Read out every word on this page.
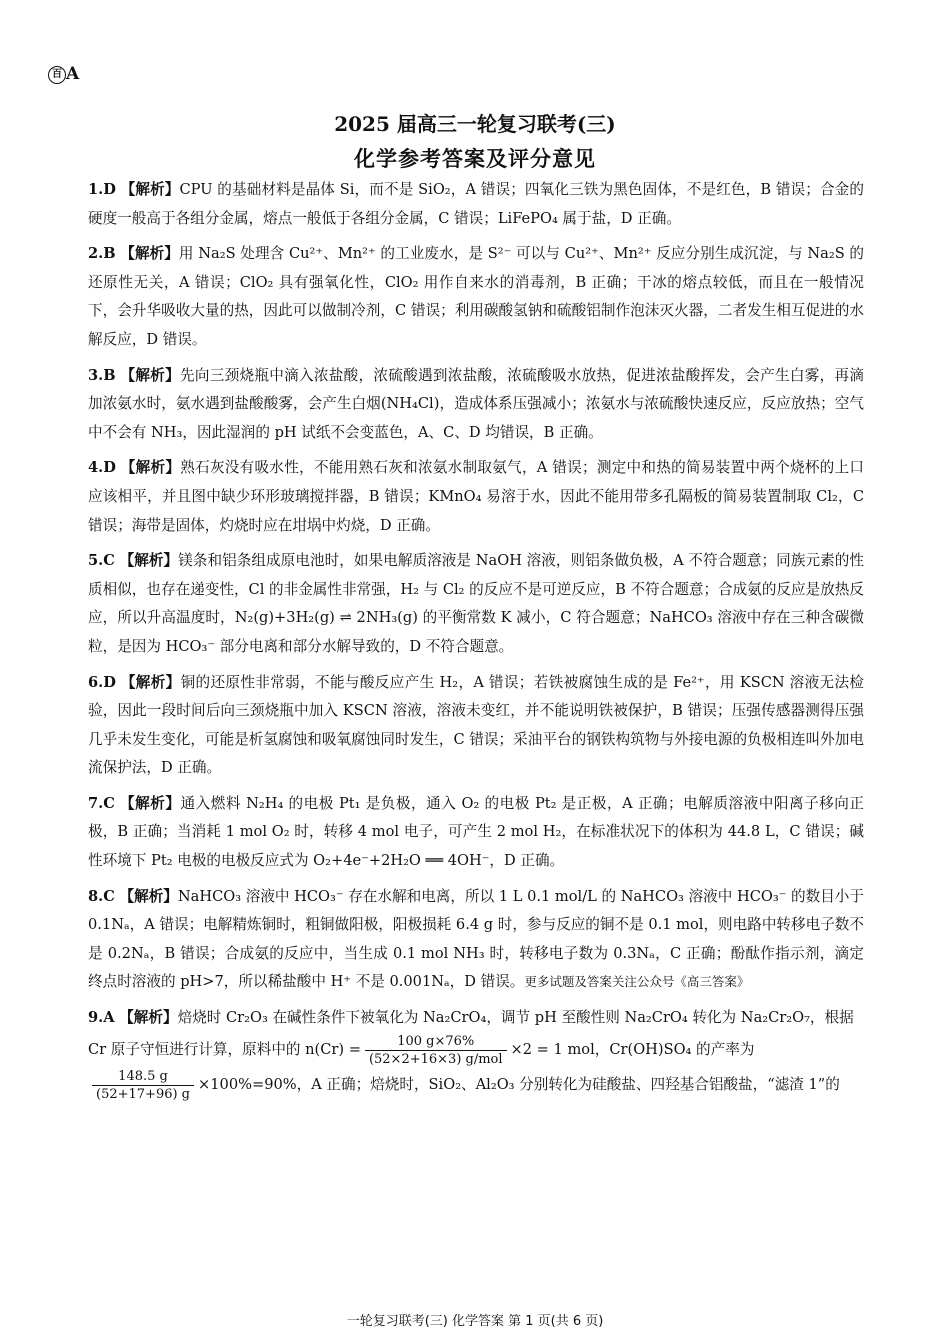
百 A
2025 届高三一轮复习联考(三)
化学参考答案及评分意见
1.D 【解析】CPU 的基础材料是晶体 Si，而不是 SiO₂，A 错误；四氧化三铁为黑色固体，不是红色，B 错误；合金的硬度一般高于各组分金属，熔点一般低于各组分金属，C 错误；LiFePO₄ 属于盐，D 正确。
2.B 【解析】用 Na₂S 处理含 Cu²⁺、Mn²⁺ 的工业废水，是 S²⁻ 可以与 Cu²⁺、Mn²⁺ 反应分别生成沉淀，与 Na₂S 的还原性无关，A 错误；ClO₂ 具有强氧化性，ClO₂ 用作自来水的消毒剂，B 正确；干冰的熔点较低，而且在一般情况下，会升华吸收大量的热，因此可以做制冷剂，C 错误；利用碳酸氢钠和硫酸铝制作泡沫灭火器，二者发生相互促进的水解反应，D 错误。
3.B 【解析】先向三颈烧瓶中滴入浓盐酸，浓硫酸遇到浓盐酸，浓硫酸吸水放热，促进浓盐酸挥发，会产生白雾，再滴加浓氨水时，氨水遇到盐酸酸雾，会产生白烟(NH₄Cl)，造成体系压强减小；浓氨水与浓硫酸快速反应，反应放热；空气中不会有 NH₃，因此湿润的 pH 试纸不会变蓝色，A、C、D 均错误，B 正确。
4.D 【解析】熟石灰没有吸水性，不能用熟石灰和浓氨水制取氨气，A 错误；测定中和热的简易装置中两个烧杯的上口应该相平，并且图中缺少环形玻璃搅拌器，B 错误；KMnO₄ 易溶于水，因此不能用带多孔隔板的简易装置制取 Cl₂，C 错误；海带是固体，灼烧时应在坩埚中灼烧，D 正确。
5.C 【解析】镁条和铝条组成原电池时，如果电解质溶液是 NaOH 溶液，则铝条做负极，A 不符合题意；同族元素的性质相似，也存在递变性，Cl 的非金属性非常强，H₂ 与 Cl₂ 的反应不是可逆反应，B 不符合题意；合成氨的反应是放热反应，所以升高温度时，N₂(g)+3H₂(g) ⇌ 2NH₃(g) 的平衡常数 K 减小，C 符合题意；NaHCO₃ 溶液中存在三种含碳微粒，是因为 HCO₃⁻ 部分电离和部分水解导致的，D 不符合题意。
6.D 【解析】铜的还原性非常弱，不能与酸反应产生 H₂，A 错误；若铁被腐蚀生成的是 Fe²⁺，用 KSCN 溶液无法检验，因此一段时间后向三颈烧瓶中加入 KSCN 溶液，溶液未变红，并不能说明铁被保护，B 错误；压强传感器测得压强几乎未发生变化，可能是析氢腐蚀和吸氧腐蚀同时发生，C 错误；采油平台的钢铁构筑物与外接电源的负极相连叫外加电流保护法，D 正确。
7.C 【解析】通入燃料 N₂H₄ 的电极 Pt₁ 是负极，通入 O₂ 的电极 Pt₂ 是正极，A 正确；电解质溶液中阳离子移向正极，B 正确；当消耗 1 mol O₂ 时，转移 4 mol 电子，可产生 2 mol H₂，在标准状况下的体积为 44.8 L，C 错误；碱性环境下 Pt₂ 电极的电极反应式为 O₂+4e⁻+2H₂O ══ 4OH⁻，D 正确。
8.C 【解析】NaHCO₃ 溶液中 HCO₃⁻ 存在水解和电离，所以 1 L 0.1 mol/L 的 NaHCO₃ 溶液中 HCO₃⁻ 的数目小于 0.1Nₐ，A 错误；电解精炼铜时，粗铜做阳极，阳极损耗 6.4 g 时，参与反应的铜不是 0.1 mol，则电路中转移电子数不是 0.2Nₐ，B 错误；合成氨的反应中，当生成 0.1 mol NH₃ 时，转移电子数为 0.3Nₐ，C 正确；酚酞作指示剂，滴定终点时溶液的 pH>7，所以稀盐酸中 H⁺ 不是 0.001Nₐ，D 错误。更多试题及答案关注公众号《高三答案》
9.A 【解析】焙烧时 Cr₂O₃ 在碱性条件下被氧化为 Na₂CrO₄，调节 pH 至酸性则 Na₂CrO₄ 转化为 Na₂Cr₂O₇，根据
Cr 原子守恒进行计算，原料中的 $n(Cr) = \frac{100 g\times 76\%}{\text{(52×2+16×3) g/mol}} \times 2 = 1$ mol，Cr(OH)SO₄ 的产率为
$\frac{148.5 g}{(52+17+96) g} \times 100\%=90\%$，A 正确；焙烧时，SiO₂、Al₂O₃ 分别转化为硅酸盐、四羟基合铝酸盐，“滤渣 1”的
一轮复习联考(三) 化学答案 第 1 页(共 6 页)
